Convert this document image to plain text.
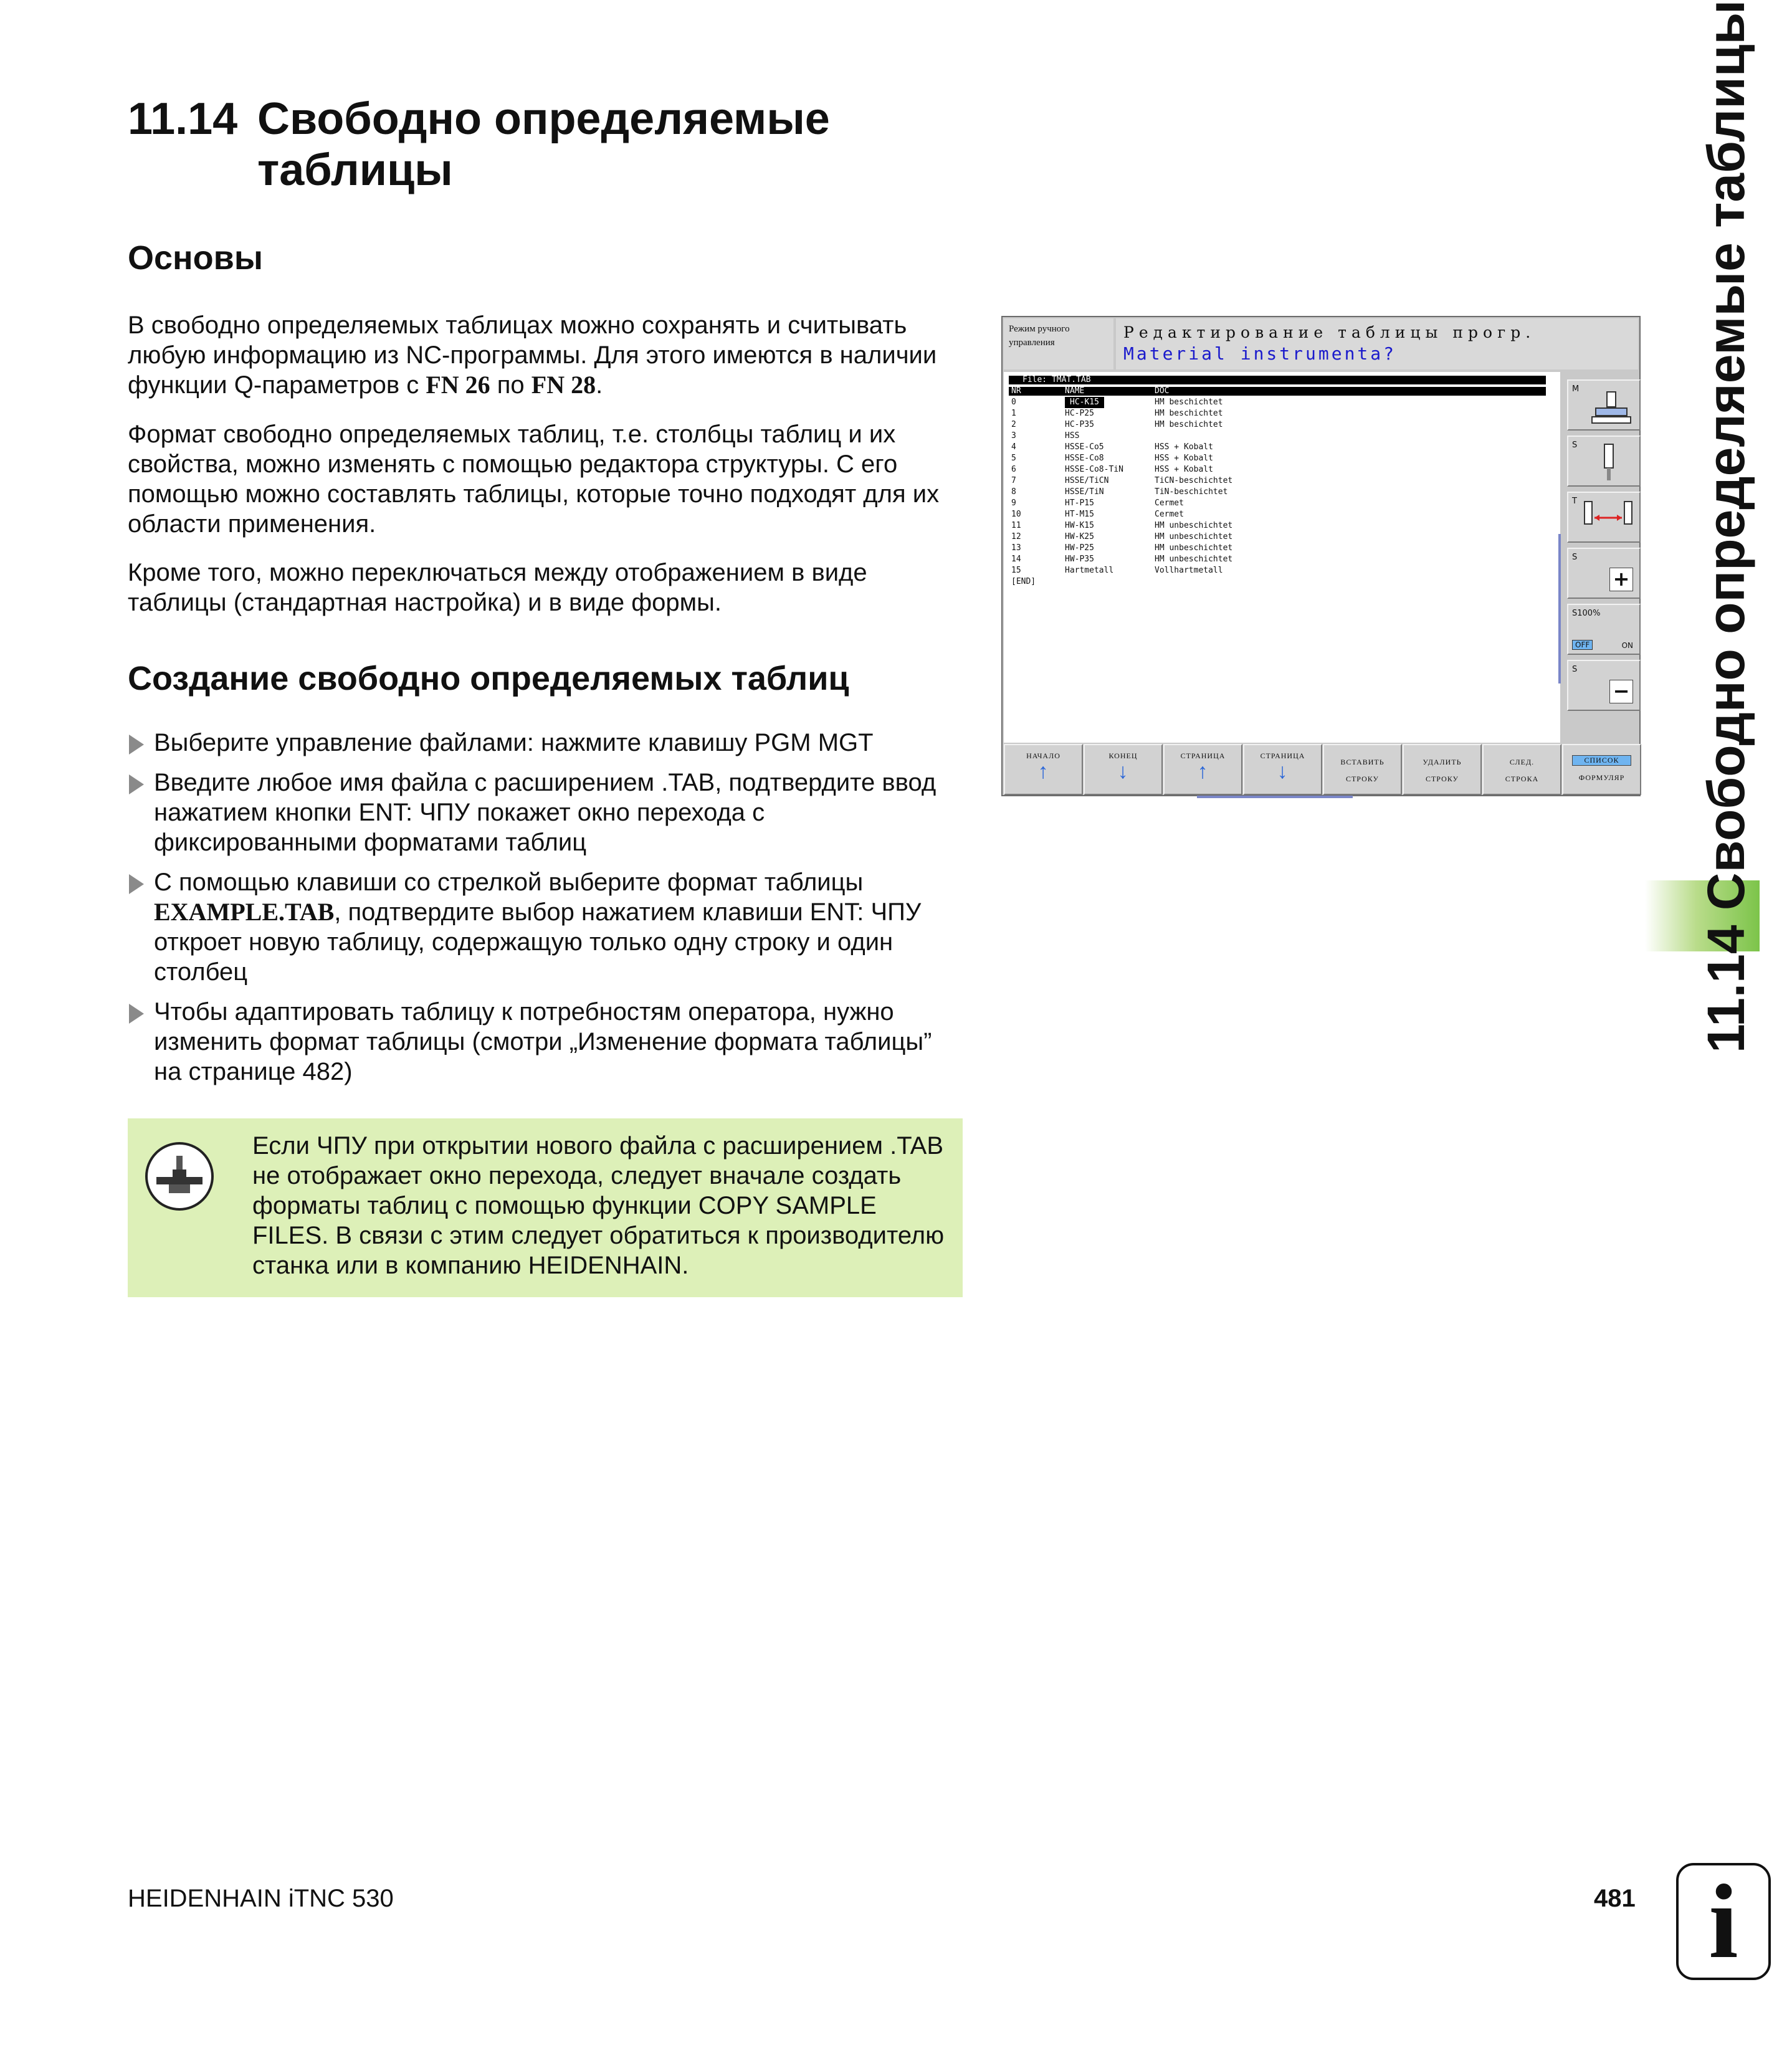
11.14 Свободно определяемые
таблицы
Основы

В свободно определяемых таблицах можно сохранять и считывать любую информацию из NC-программы. Для этого имеются в наличии функции Q-параметров с FN 26 по FN 28.

Формат свободно определяемых таблиц, т.е. столбцы таблиц и их свойства, можно изменять с помощью редактора структуры. С его помощью можно составлять таблицы, которые точно подходят для их области применения.

Кроме того, можно переключаться между отображением в виде таблицы (стандартная настройка) и в виде формы.

Создание свободно определяемых таблиц
Выберите управление файлами: нажмите клавишу PGM MGT
Введите любое имя файла с расширением .TAB, подтвердите ввод нажатием кнопки ENT: ЧПУ покажет окно перехода с фиксированными форматами таблиц
С помощью клавиши со стрелкой выберите формат таблицы EXAMPLE.TAB, подтвердите выбор нажатием клавиши ENT: ЧПУ откроет новую таблицу, содержащую только одну строку и один столбец
Чтобы адаптировать таблицу к потребностям оператора, нужно изменить формат таблицы (смотри „Изменение формата таблицы” на странице 482)

Если ЧПУ при открытии нового файла с расширением .TAB не отображает окно перехода, следует вначале создать форматы таблиц с помощью функции COPY SAMPLE FILES. В связи с этим следует обратиться к производителю станка или в компанию HEIDENHAIN.

Режим ручного
управления
Редактирование таблицы прогр.
Material instrumenta?
File: TMAT.TAB
NR	NAME	DOC
0	HC-K15	HM beschichtet
1	HC-P25	HM beschichtet
2	HC-P35	HM beschichtet
3	HSS
4	HSSE-Co5	HSS + Kobalt
5	HSSE-Co8	HSS + Kobalt
6	HSSE-Co8-TiN	HSS + Kobalt
7	HSSE/TiCN	TiCN-beschichtet
8	HSSE/TiN	TiN-beschichtet
9	HT-P15	Cermet
10	HT-M15	Cermet
11	HW-K15	HM unbeschichtet
12	HW-K25	HM unbeschichtet
13	HW-P25	HM unbeschichtet
14	HW-P35	HM unbeschichtet
15	Hartmetall	Vollhartmetall
[END]
M
S
T
S
+
S100%
OFF	ON
S
−
НАЧАЛО
↑
КОНЕЦ
↓
СТРАНИЦА
↑
СТРАНИЦА
↓	ВСТАВИТЬ
СТРОКУ
УДАЛИТЬ
СТРОКУ
СЛЕД.
СТРОКА
СПИСОК
ФОРМУЛЯР 11.14 Свободно определяемые таблицы
HEIDENHAIN iTNC 530	481 i
